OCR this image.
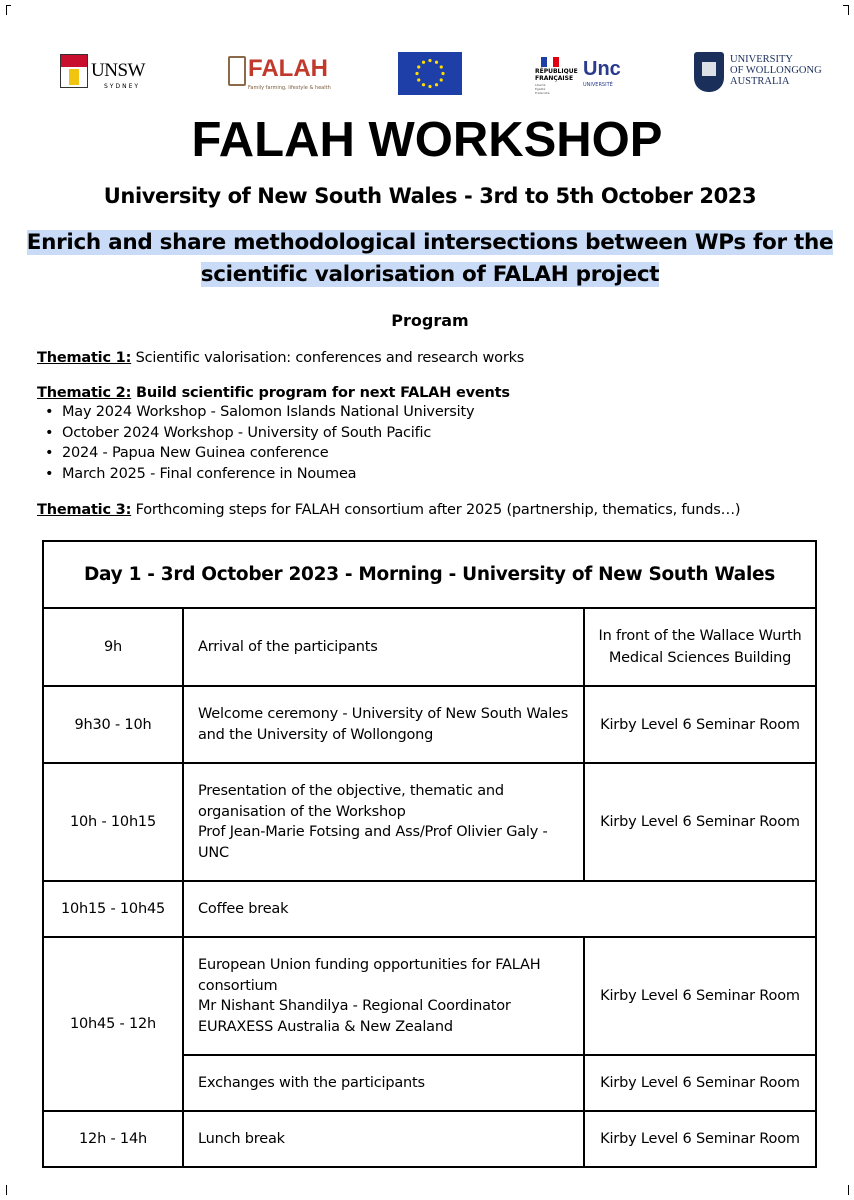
UNSW
SYDNEY
FALAH
Family farming, lifestyle & health
RÉPUBLIQUE
FRANÇAISE
Liberté
Égalité
Fraternité
Unc
UNIVERSITÉ
UNIVERSITY
OF WOLLONGONG
AUSTRALIA
FALAH WORKSHOP
University of New South Wales - 3rd to 5th October 2023
Enrich and share methodological intersections between WPs for the
scientific valorisation of FALAH project
Program
Thematic 1: Scientific valorisation: conferences and research works
Thematic 2: Build scientific program for next FALAH events
• May 2024 Workshop - Salomon Islands National University
• October 2024 Workshop - University of South Pacific
• 2024 - Papua New Guinea conference
• March 2025 - Final conference in Noumea
Thematic 3: Forthcoming steps for FALAH consortium after 2025 (partnership, thematics, funds…)
Day 1 - 3rd October 2023 - Morning - University of New South Wales		
9h	Arrival of the participants	In front of the Wallace Wurth
Medical Sciences Building

9h30 - 10h	Welcome ceremony - University of New South Wales
and the University of Wollongong	Kirby Level 6 Seminar Room
10h - 10h15	Presentation of the objective, thematic and
organisation of the Workshop
Prof Jean-Marie Fotsing and Ass/Prof Olivier Galy -
UNC	Kirby Level 6 Seminar Room
10h15 - 10h45	Coffee break	

10h45 - 12h	European Union funding opportunities for FALAH
consortium
Mr Nishant Shandilya - Regional Coordinator
EURAXESS Australia & New Zealand	Kirby Level 6 Seminar Room

	Exchanges with the participants	Kirby Level 6 Seminar Room
12h - 14h	Lunch break	Kirby Level 6 Seminar Room
